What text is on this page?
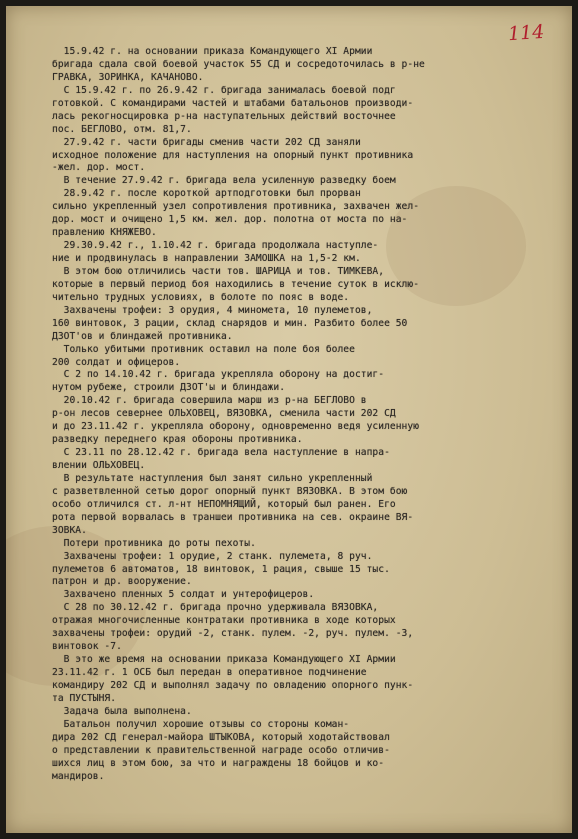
114
15.9.42 г. на основании приказа Командующего XI Армии
бригада сдала свой боевой участок 55 СД и сосредоточилась в р-не
ГРАВКА, ЗОРИНКА, КАЧАНОВО.
С 15.9.42 г. по 26.9.42 г. бригада занималась боевой подг
готовкой. С командирами частей и штабами батальонов производи-
лась рекогносцировка р-на наступательных действий восточнее
пос. БЕГЛОВО, отм. 81,7.
27.9.42 г. части бригады сменив части 202 СД заняли
исходное положение для наступления на опорный пункт противника
-жел. дор. мост.
В течение 27.9.42 г. бригада вела усиленную разведку боем
28.9.42 г. после короткой артподготовки был прорван
сильно укрепленный узел сопротивления противника, захвачен жел-
дор. мост и очищено 1,5 км. жел. дор. полотна от моста по на-
правлению КНЯЖЕВО.
29.30.9.42 г., 1.10.42 г. бригада продолжала наступле-
ние и продвинулась в направлении ЗАМОШКА на 1,5-2 км.
В этом бою отличились части тов. ШАРИЦА и тов. ТИМКЕВА,
которые в первый период боя находились в течение суток в исклю-
чительно трудных условиях, в болоте по пояс в воде.
Захвачены трофеи: 3 орудия, 4 миномета, 10 пулеметов,
160 винтовок, 3 рации, склад снарядов и мин. Разбито более 50
ДЗОТ'ов и блиндажей противника.
Только убитыми противник оставил на поле боя более
200 солдат и офицеров.
С 2 по 14.10.42 г. бригада укрепляла оборону на достиг-
нутом рубеже, строили ДЗОТ'ы и блиндажи.
20.10.42 г. бригада совершила марш из р-на БЕГЛОВО в
р-он лесов севернее ОЛЬХОВЕЦ, ВЯЗОВКА, сменила части 202 СД
и до 23.11.42 г. укрепляла оборону, одновременно ведя усиленную
разведку переднего края обороны противника.
С 23.11 по 28.12.42 г. бригада вела наступление в напра-
влении ОЛЬХОВЕЦ.
В результате наступления был занят сильно укрепленный
с разветвленной сетью дорог опорный пункт ВЯЗОВКА. В этом бою
особо отличился ст. л-нт НЕПОМНЯЩИЙ, который был ранен. Его
рота первой ворвалась в траншеи противника на сев. окраине ВЯ-
ЗОВКА.
Потери противника до роты пехоты.
Захвачены трофеи: 1 орудие, 2 станк. пулемета, 8 руч.
пулеметов 6 автоматов, 18 винтовок, 1 рация, свыше 15 тыс.
патрон и др. вооружение.
Захвачено пленных 5 солдат и унтерофицеров.
С 28 по 30.12.42 г. бригада прочно удерживала ВЯЗОВКА,
отражая многочисленные контратаки противника в ходе которых
захвачены трофеи: орудий -2, станк. пулем. -2, руч. пулем. -3,
винтовок -7.
В это же время на основании приказа Командующего XI Армии
23.11.42 г. 1 ОСБ был передан в оперативное подчинение
командиру 202 СД и выполнял задачу по овладению опорного пунк-
та ПУСТЫНЯ.
Задача была выполнена.
Батальон получил хорошие отзывы со стороны коман-
дира 202 СД генерал-майора ШТЫКОВА, который ходотайствовал
о представлении к правительственной награде особо отличив-
шихся лиц в этом бою, за что и награждены 18 бойцов и ко-
мандиров.
